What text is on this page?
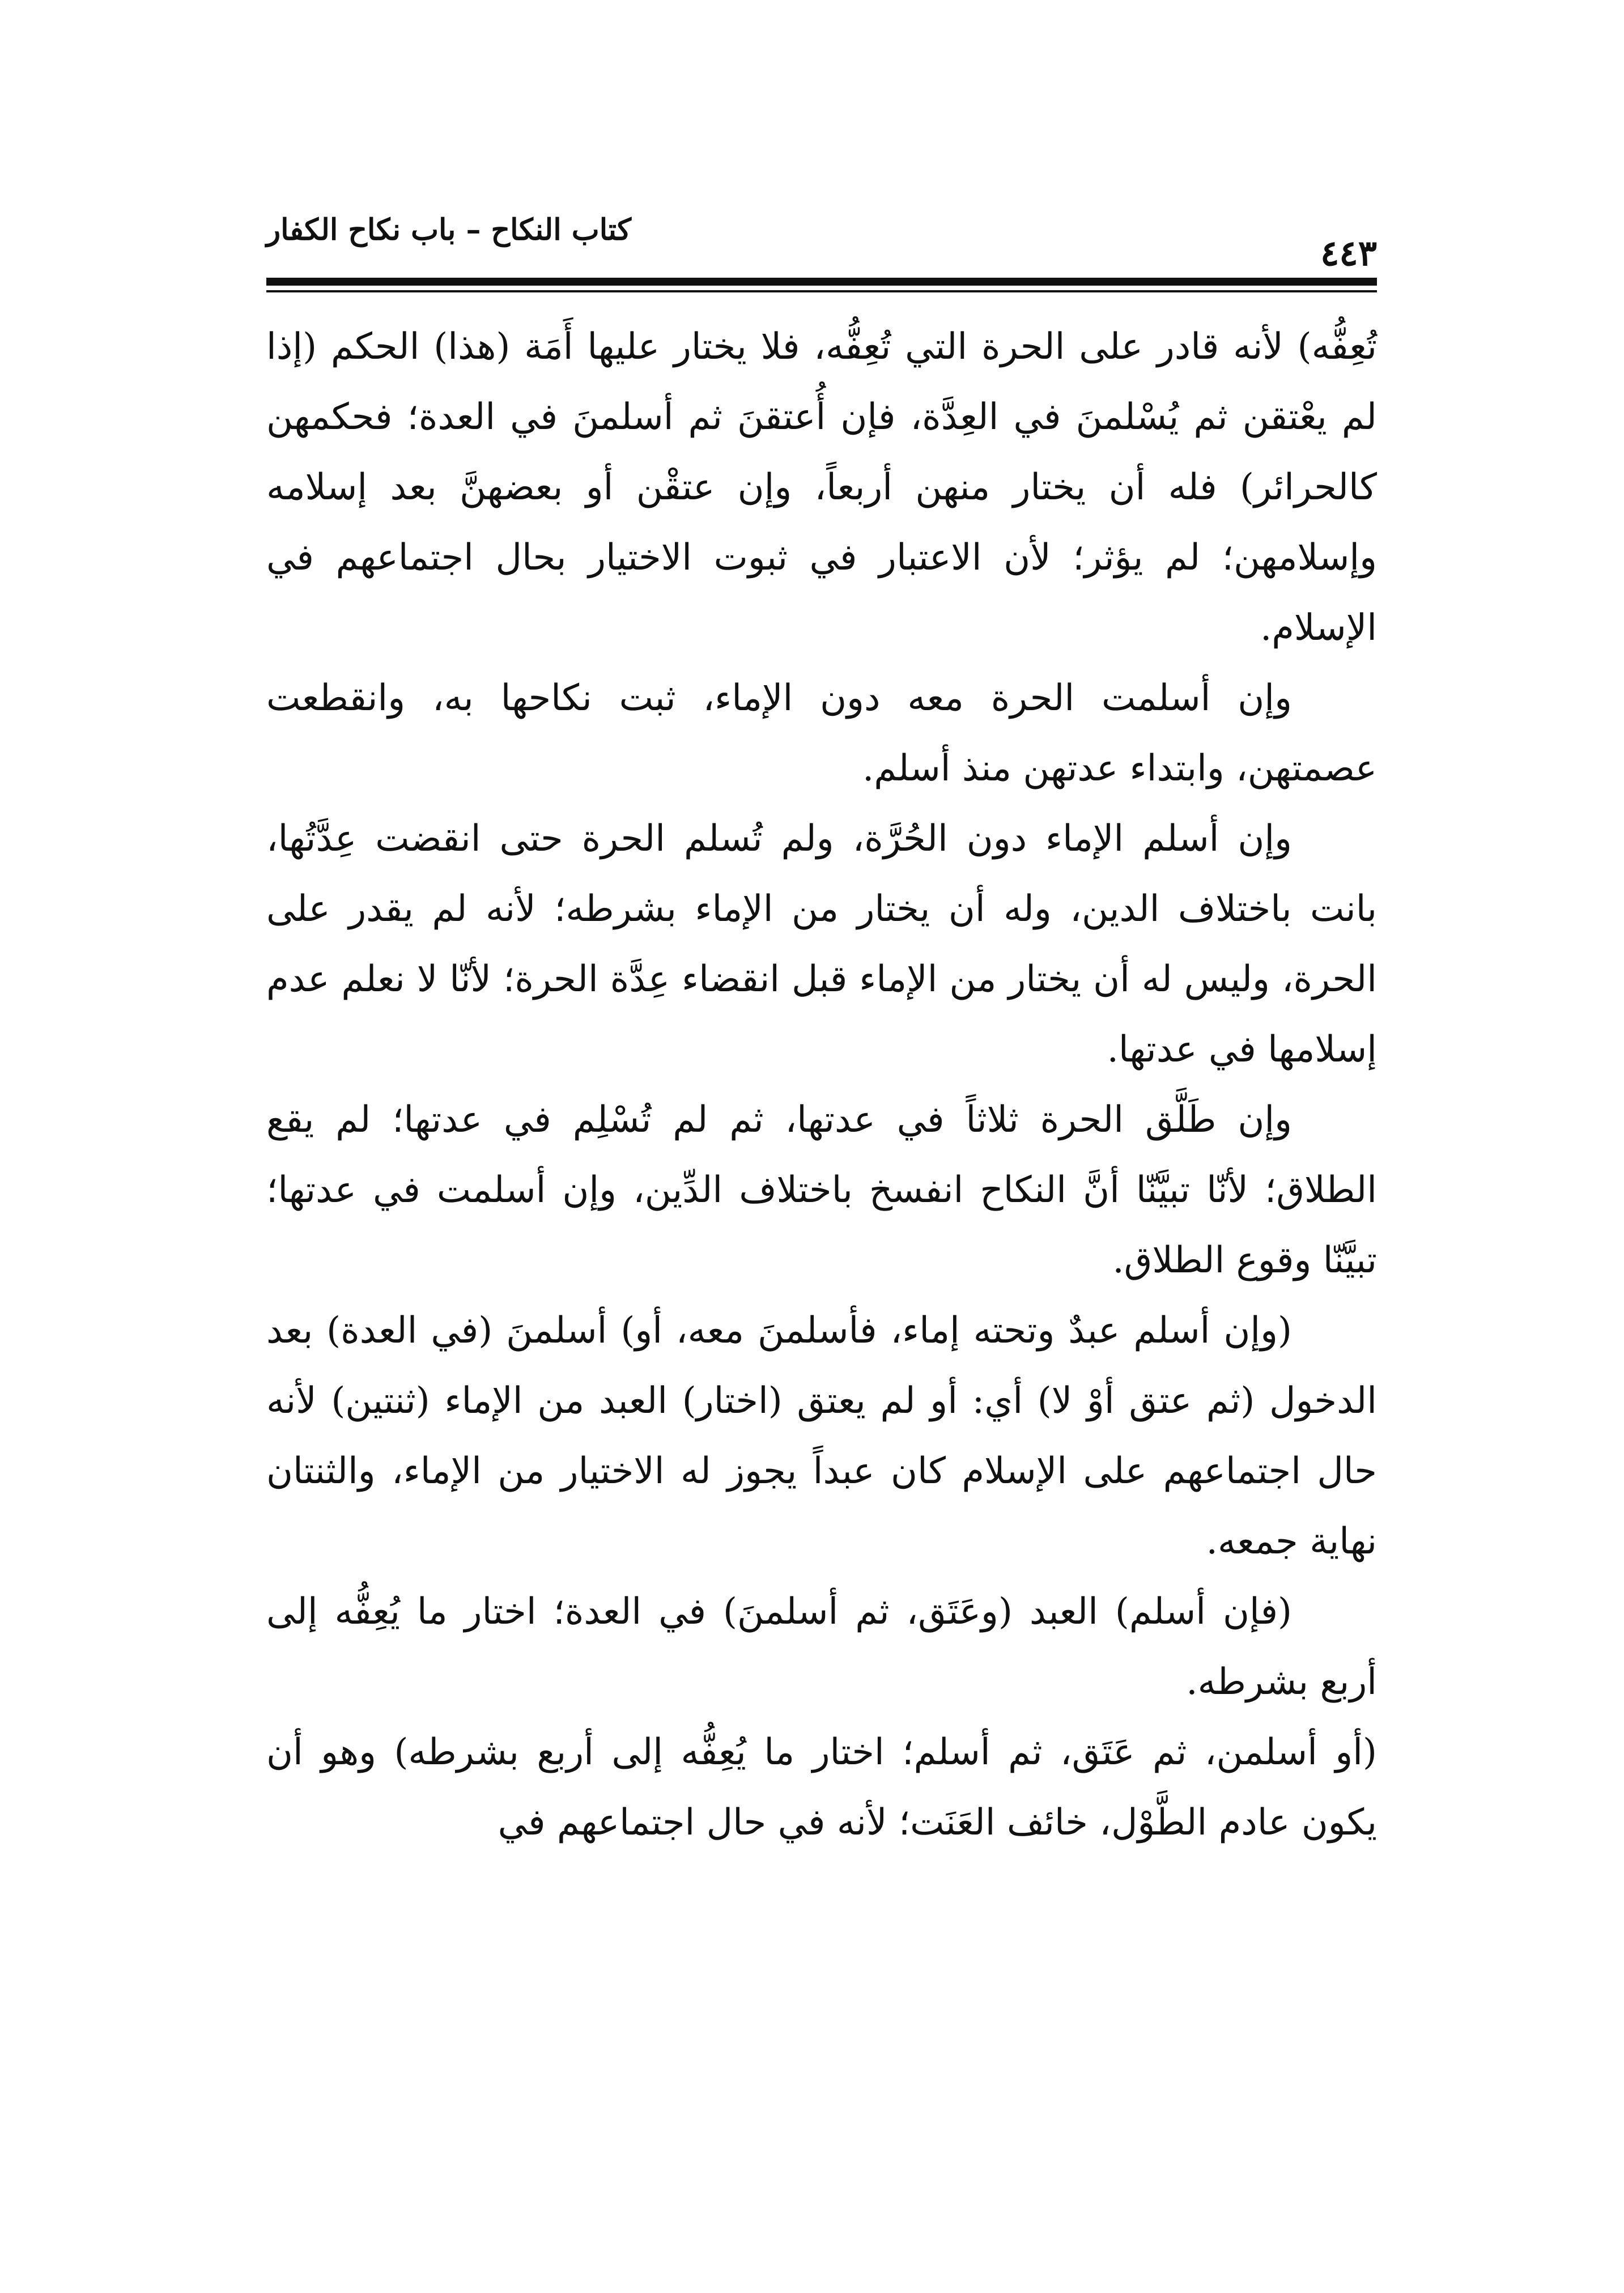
كتاب النكاح – باب نكاح الكفار
٤٤٣

تُعِفُّه) لأنه قادر على الحرة التي تُعِفُّه، فلا يختار عليها أَمَة (هذا) الحكم (إذا لم يعْتقن ثم يُسْلمنَ في العِدَّة، فإن أُعتقنَ ثم أسلمنَ في العدة؛ فحكمهن كالحرائر) فله أن يختار منهن أربعاً، وإن عتقْن أو بعضهنَّ بعد إسلامه وإسلامهن؛ لم يؤثر؛ لأن الاعتبار في ثبوت الاختيار بحال اجتماعهم في الإسلام.

وإن أسلمت الحرة معه دون الإماء، ثبت نكاحها به، وانقطعت عصمتهن، وابتداء عدتهن منذ أسلم.

وإن أسلم الإماء دون الحُرَّة، ولم تُسلم الحرة حتى انقضت عِدَّتُها، بانت باختلاف الدين، وله أن يختار من الإماء بشرطه؛ لأنه لم يقدر على الحرة، وليس له أن يختار من الإماء قبل انقضاء عِدَّة الحرة؛ لأنّا لا نعلم عدم إسلامها في عدتها.

وإن طَلَّق الحرة ثلاثاً في عدتها، ثم لم تُسْلِم في عدتها؛ لم يقع الطلاق؛ لأنّا تبيَّنّا أنَّ النكاح انفسخ باختلاف الدِّين، وإن أسلمت في عدتها؛ تبيَّنّا وقوع الطلاق.

(وإن أسلم عبدٌ وتحته إماء، فأسلمنَ معه، أو) أسلمنَ (في العدة) بعد الدخول (ثم عتق أوْ لا) أي: أو لم يعتق (اختار) العبد من الإماء (ثنتين) لأنه حال اجتماعهم على الإسلام كان عبداً يجوز له الاختيار من الإماء، والثنتان نهاية جمعه.

(فإن أسلم) العبد (وعَتَق، ثم أسلمنَ) في العدة؛ اختار ما يُعِفُّه إلى أربع بشرطه.

(أو أسلمن، ثم عَتَق، ثم أسلم؛ اختار ما يُعِفُّه إلى أربع بشرطه) وهو أن يكون عادم الطَّوْل، خائف العَنَت؛ لأنه في حال اجتماعهم في
